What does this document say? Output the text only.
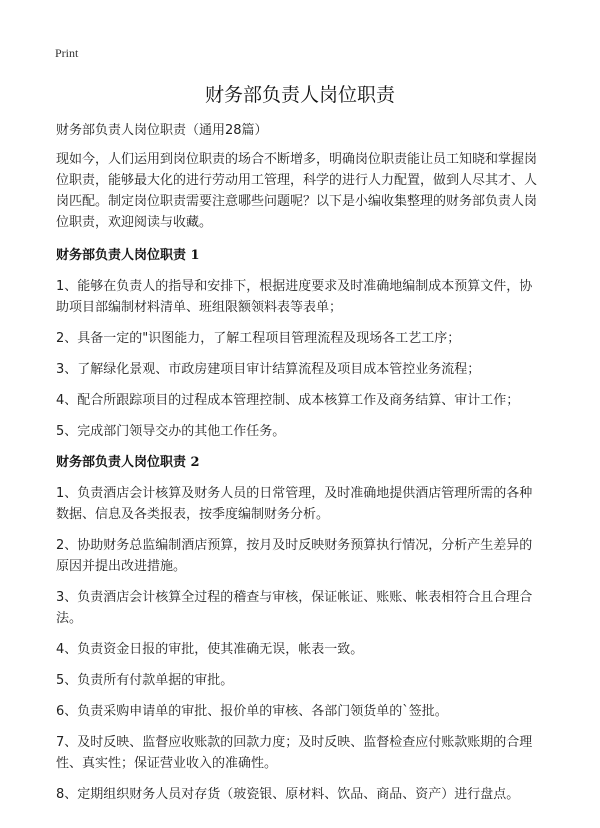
Print
财务部负责人岗位职责

财务部负责人岗位职责（通用28篇）

现如今，人们运用到岗位职责的场合不断增多，明确岗位职责能让员工知晓和掌握岗位职责，能够最大化的进行劳动用工管理，科学的进行人力配置，做到人尽其才、人岗匹配。制定岗位职责需要注意哪些问题呢？以下是小编收集整理的财务部负责人岗位职责，欢迎阅读与收藏。

财务部负责人岗位职责 1

1、能够在负责人的指导和安排下，根据进度要求及时准确地编制成本预算文件，协助项目部编制材料清单、班组限额领料表等表单；

2、具备一定的"识图能力，了解工程项目管理流程及现场各工艺工序；

3、了解绿化景观、市政房建项目审计结算流程及项目成本管控业务流程；

4、配合所跟踪项目的过程成本管理控制、成本核算工作及商务结算、审计工作；

5、完成部门领导交办的其他工作任务。

财务部负责人岗位职责 2

1、负责酒店会计核算及财务人员的日常管理，及时准确地提供酒店管理所需的各种数据、信息及各类报表，按季度编制财务分析。

2、协助财务总监编制酒店预算，按月及时反映财务预算执行情况，分析产生差异的原因并提出改进措施。

3、负责酒店会计核算全过程的稽查与审核，保证帐证、账账、帐表相符合且合理合法。

4、负责资金日报的审批，使其准确无误，帐表一致。

5、负责所有付款单据的审批。

6、负责采购申请单的审批、报价单的审核、各部门领货单的`签批。

7、及时反映、监督应收账款的回款力度；及时反映、监督检查应付账款账期的合理性、真实性；保证营业收入的准确性。

8、定期组织财务人员对存货（玻瓷银、原材料、饮品、商品、资产）进行盘点。
